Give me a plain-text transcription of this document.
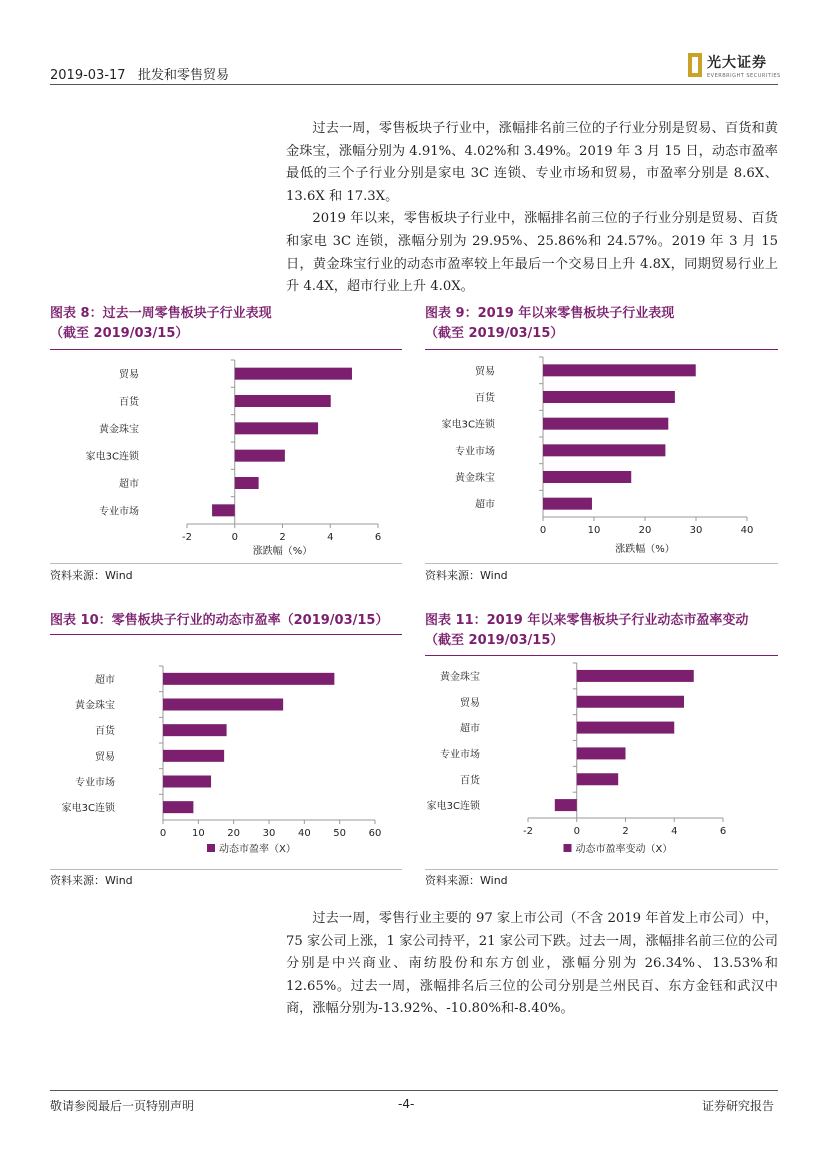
2019-03-17 批发和零售贸易
光大证券
EVERBRIGHT SECURITIES

过去一周，零售板块子行业中，涨幅排名前三位的子行业分别是贸易、百货和黄金珠宝，涨幅分别为 4.91%、4.02%和 3.49%。2019 年 3 月 15 日，动态市盈率最低的三个子行业分别是家电 3C 连锁、专业市场和贸易，市盈率分别是 8.6X、13.6X 和 17.3X。

2019 年以来，零售板块子行业中，涨幅排名前三位的子行业分别是贸易、百货和家电 3C 连锁，涨幅分别为 29.95%、25.86%和 24.57%。2019 年 3 月 15 日，黄金珠宝行业的动态市盈率较上年最后一个交易日上升 4.8X，同期贸易行业上升 4.4X，超市行业上升 4.0X。

图表 8：过去一周零售板块子行业表现
（截至 2019/03/15）
-2	0	2	4	6
贸易
百货
黄金珠宝
家电3C连锁
超市
专业市场
涨跌幅（%）
资料来源：Wind
图表 9：2019 年以来零售板块子行业表现
（截至 2019/03/15）
0	10	20	30	40
贸易
百货
家电3C连锁
专业市场
黄金珠宝
超市
涨跌幅（%）
资料来源：Wind
图表 10：零售板块子行业的动态市盈率（2019/03/15）
0	10 20 30 40 50 60
超市
黄金珠宝
百货
贸易
专业市场
家电3C连锁
动态市盈率（X）
资料来源：Wind
图表 11：2019 年以来零售板块子行业动态市盈率变动
（截至 2019/03/15）
-2	0	2	4	6
黄金珠宝
贸易
超市
专业市场
百货
家电3C连锁
动态市盈率变动（X）
资料来源：Wind

过去一周，零售行业主要的 97 家上市公司（不含 2019 年首发上市公司）中，75 家公司上涨，1 家公司持平，21 家公司下跌。过去一周，涨幅排名前三位的公司分别是中兴商业、南纺股份和东方创业，涨幅分别为 26.34%、13.53%和 12.65%。过去一周，涨幅排名后三位的公司分别是兰州民百、东方金钰和武汉中商，涨幅分别为-13.92%、-10.80%和-8.40%。

敬请参阅最后一页特别声明	-4-	证券研究报告
